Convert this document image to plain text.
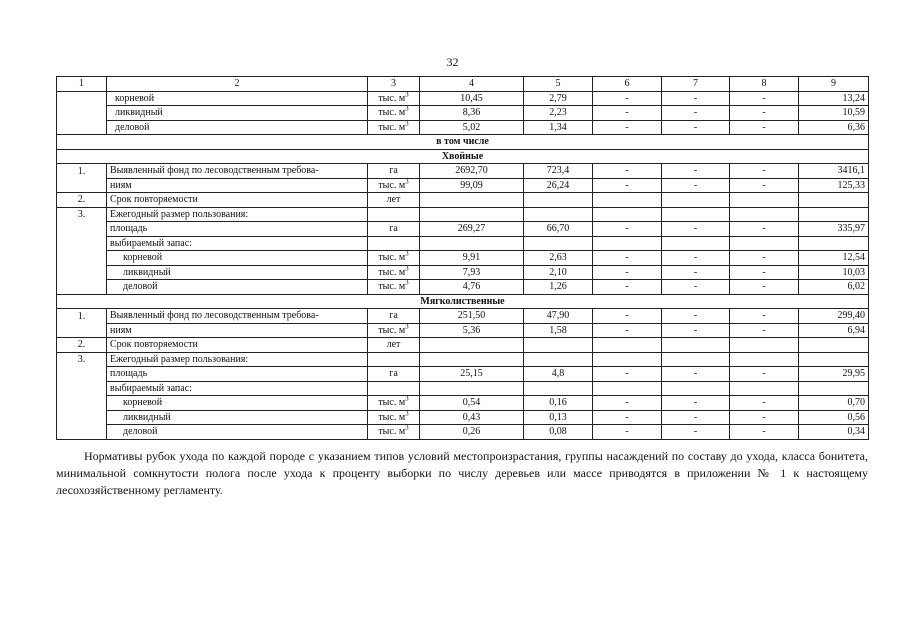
32
1	2	3	4	5	6	7	8	9
	корневой	тыс. $м^3$	10,45	2,79	-	-	-	13,24
	ликвидный	тыс. $м^3$	8,36	2,23	-	-	-	10,59
	деловой	тыс. $м^3$	5,02	1,34	-	-	-	6,36
в том числе								
Хвойные								
1.	Выявленный фонд по лесоводственным требова-	га	2692,70	723,4	-	-	-	3416,1
	ниям	тыс. $м^3$	99,09	26,24	-	-	-	125,33
2.	Срок повторяемости	лет						
3.	Ежегодный размер пользования:							
	площадь	га	269,27	66,70	-	-	-	335,97
	выбираемый запас:							
	корневой	тыс. $м^3$	9,91	2,63	-	-	-	12,54
	ликвидный	тыс. $м^3$	7,93	2,10	-	-	-	10,03
	деловой	тыс. $м^3$	4,76	1,26	-	-	-	6,02
Мягколиственные								
1.	Выявленный фонд по лесоводственным требова-	га	251,50	47,90	-	-	-	299,40
	ниям	тыс. $м^3$	5,36	1,58	-	-	-	6,94
2.	Срок повторяемости	лет						
3.	Ежегодный размер пользования:							
	площадь	га	25,15	4,8	-	-	-	29,95
	выбираемый запас:							
	корневой	тыс. $м^3$	0,54	0,16	-	-	-	0,70
	ликвидный	тыс. $м^3$	0,43	0,13	-	-	-	0,56
	деловой	тыс. $м^3$	0,26	0,08	-	-	-	0,34

Нормативы рубок ухода по каждой породе с указанием типов условий местопроизрастания, группы насаждений по составу до ухода, класса бонитета, минимальной сомкнутости полога после ухода к проценту выборки по числу деревьев или массе приводятся в приложении № 1 к настоящему лесохозяйственному регламенту.
